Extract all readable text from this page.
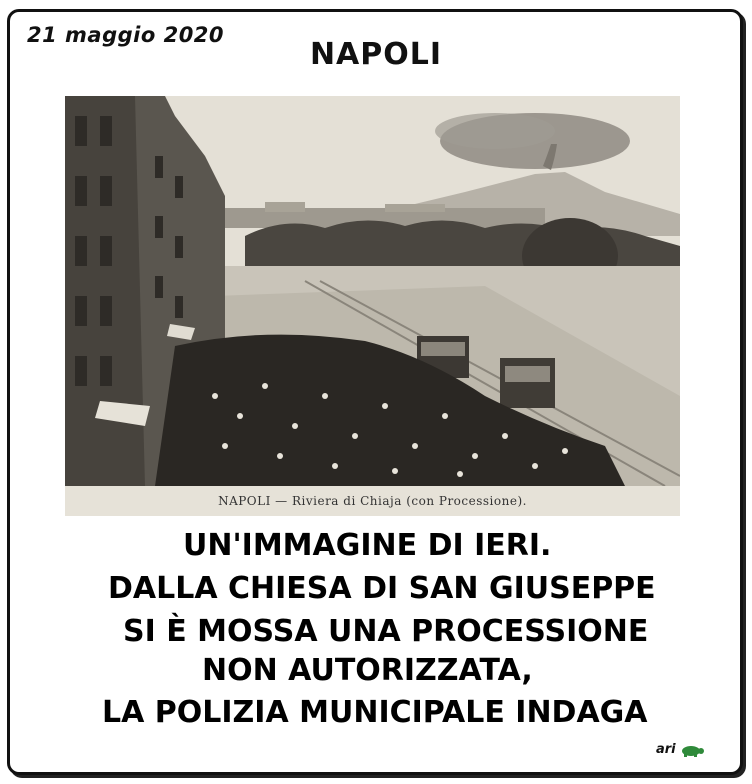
21 maggio 2020
NAPOLI
NAPOLI — Riviera di Chiaja (con Processione).
UN'IMMAGINE DI IERI.
DALLA CHIESA DI SAN GIUSEPPE
SI È MOSSA UNA PROCESSIONE
NON AUTORIZZATA,
LA POLIZIA MUNICIPALE INDAGA
ari
